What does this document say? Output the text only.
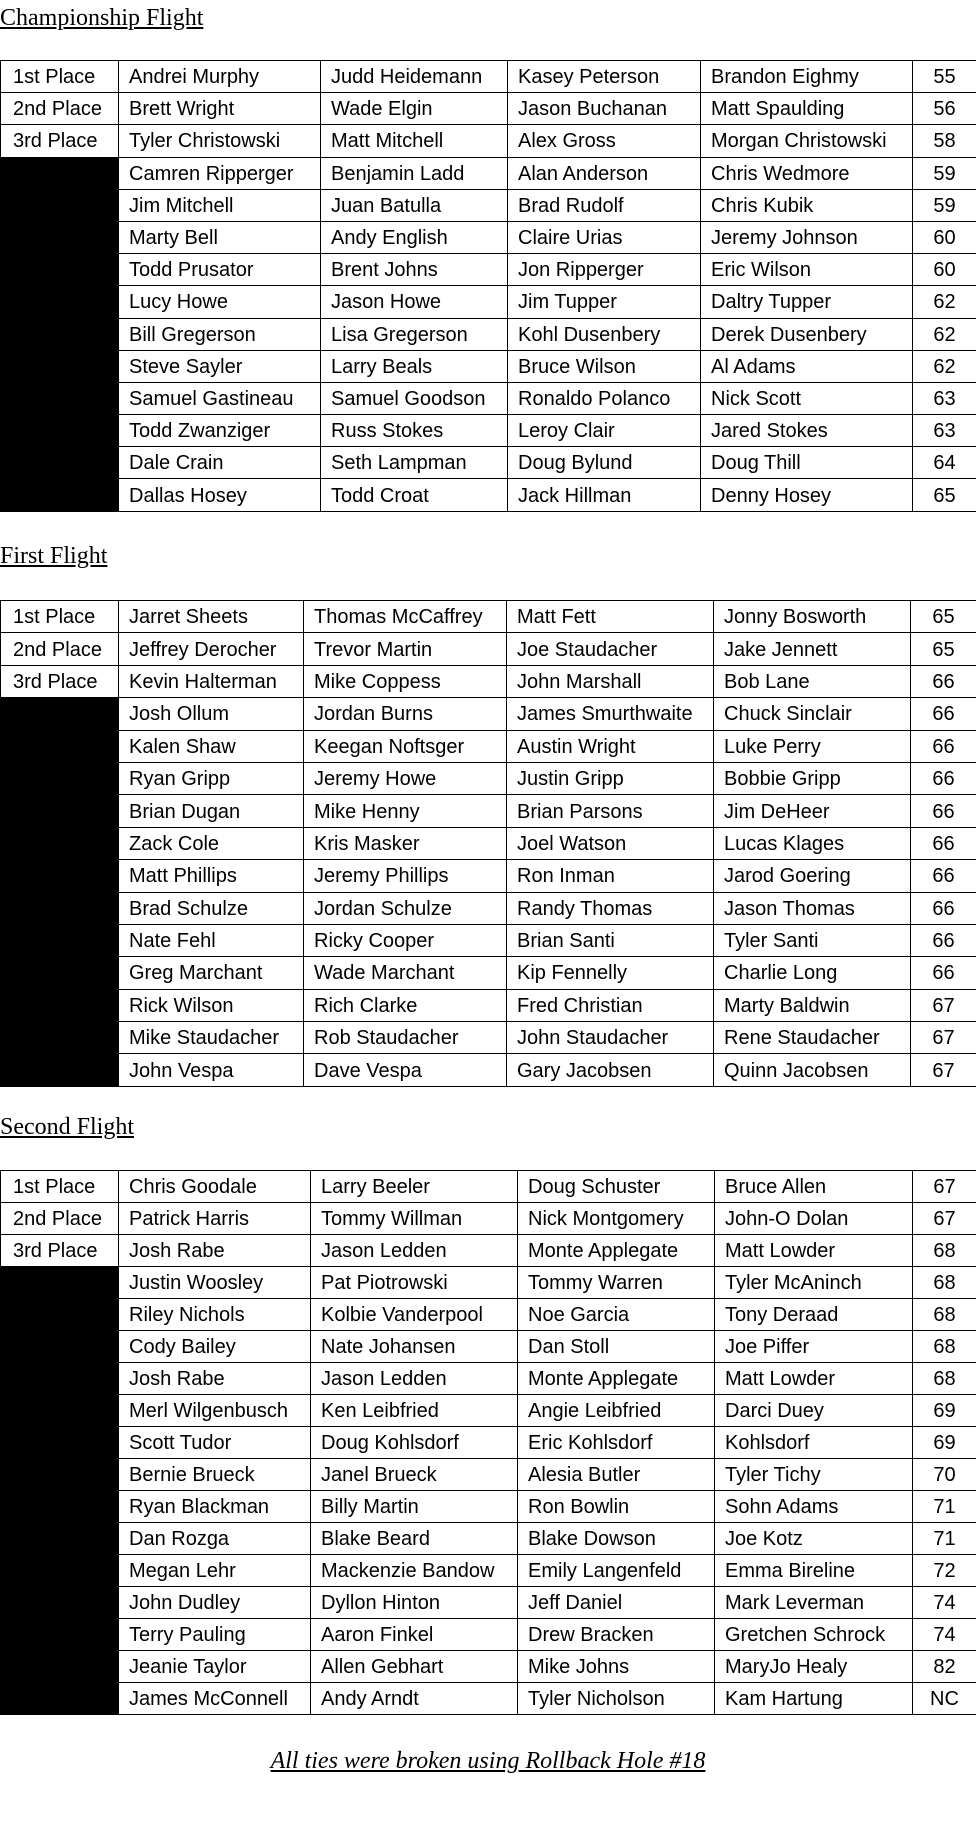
Championship Flight
1st Place	Andrei Murphy	Judd Heidemann	Kasey Peterson	Brandon Eighmy	55
2nd Place	Brett Wright	Wade Elgin	Jason Buchanan	Matt Spaulding	56
3rd Place	Tyler Christowski	Matt Mitchell	Alex Gross	Morgan Christowski	58
	Camren Ripperger	Benjamin Ladd	Alan Anderson	Chris Wedmore	59
	Jim Mitchell	Juan Batulla	Brad Rudolf	Chris Kubik	59
	Marty Bell	Andy English	Claire Urias	Jeremy Johnson	60
	Todd Prusator	Brent Johns	Jon Ripperger	Eric Wilson	60
	Lucy Howe	Jason Howe	Jim Tupper	Daltry Tupper	62
	Bill Gregerson	Lisa Gregerson	Kohl Dusenbery	Derek Dusenbery	62
	Steve Sayler	Larry Beals	Bruce Wilson	Al Adams	62
	Samuel Gastineau	Samuel Goodson	Ronaldo Polanco	Nick Scott	63
	Todd Zwanziger	Russ Stokes	Leroy Clair	Jared Stokes	63
	Dale Crain	Seth Lampman	Doug Bylund	Doug Thill	64
	Dallas Hosey	Todd Croat	Jack Hillman	Denny Hosey	65
First Flight
1st Place	Jarret Sheets	Thomas McCaffrey	Matt Fett	Jonny Bosworth	65
2nd Place	Jeffrey Derocher	Trevor Martin	Joe Staudacher	Jake Jennett	65
3rd Place	Kevin Halterman	Mike Coppess	John Marshall	Bob Lane	66
	Josh Ollum	Jordan Burns	James Smurthwaite	Chuck Sinclair	66
	Kalen Shaw	Keegan Noftsger	Austin Wright	Luke Perry	66
	Ryan Gripp	Jeremy Howe	Justin Gripp	Bobbie Gripp	66
	Brian Dugan	Mike Henny	Brian Parsons	Jim DeHeer	66
	Zack Cole	Kris Masker	Joel Watson	Lucas Klages	66
	Matt Phillips	Jeremy Phillips	Ron Inman	Jarod Goering	66
	Brad Schulze	Jordan Schulze	Randy Thomas	Jason Thomas	66
	Nate Fehl	Ricky Cooper	Brian Santi	Tyler Santi	66
	Greg Marchant	Wade Marchant	Kip Fennelly	Charlie Long	66
	Rick Wilson	Rich Clarke	Fred Christian	Marty Baldwin	67
	Mike Staudacher	Rob Staudacher	John Staudacher	Rene Staudacher	67
	John Vespa	Dave Vespa	Gary Jacobsen	Quinn Jacobsen	67
Second Flight
1st Place	Chris Goodale	Larry Beeler	Doug Schuster	Bruce Allen	67
2nd Place	Patrick Harris	Tommy Willman	Nick Montgomery	John-O Dolan	67
3rd Place	Josh Rabe	Jason Ledden	Monte Applegate	Matt Lowder	68
	Justin Woosley	Pat Piotrowski	Tommy Warren	Tyler McAninch	68
	Riley Nichols	Kolbie Vanderpool	Noe Garcia	Tony Deraad	68
	Cody Bailey	Nate Johansen	Dan Stoll	Joe Piffer	68
	Josh Rabe	Jason Ledden	Monte Applegate	Matt Lowder	68
	Merl Wilgenbusch	Ken Leibfried	Angie Leibfried	Darci Duey	69
	Scott Tudor	Doug Kohlsdorf	Eric Kohlsdorf	Kohlsdorf	69
	Bernie Brueck	Janel Brueck	Alesia Butler	Tyler Tichy	70
	Ryan Blackman	Billy Martin	Ron Bowlin	Sohn Adams	71
	Dan Rozga	Blake Beard	Blake Dowson	Joe Kotz	71
	Megan Lehr	Mackenzie Bandow	Emily Langenfeld	Emma Bireline	72
	John Dudley	Dyllon Hinton	Jeff Daniel	Mark Leverman	74
	Terry Pauling	Aaron Finkel	Drew Bracken	Gretchen Schrock	74
	Jeanie Taylor	Allen Gebhart	Mike Johns	MaryJo Healy	82
	James McConnell	Andy Arndt	Tyler Nicholson	Kam Hartung	NC
All ties were broken using Rollback Hole #18
